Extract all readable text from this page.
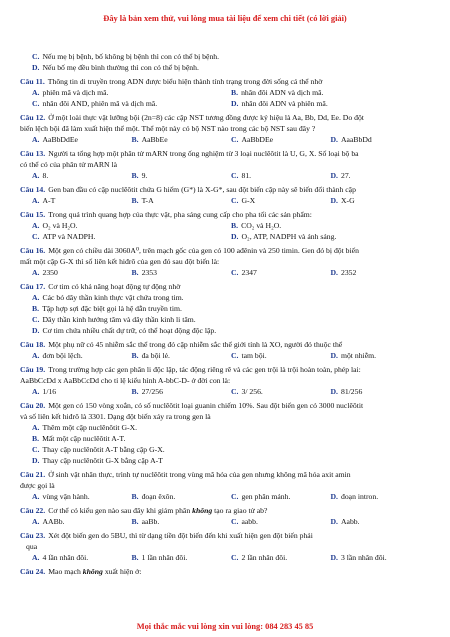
Đây là bản xem thử, vui lòng mua tài liệu để xem chi tiết (có lời giải)

C. Nếu mẹ bị bệnh, bố không bị bệnh thì con có thể bị bệnh.

D. Nếu bố mẹ đều bình thường thì con có thể bị bệnh.

Câu 11. Thông tin di truyền trong ADN được biểu hiện thành tính trạng trong đời sống cá thể nhờ

A. phiên mã và dịch mã.	B. nhân đôi ADN và dịch mã.
C. nhân đôi AND, phiên mã và dịch mã.	D. nhân đôi ADN và phiên mã.

Câu 12. Ở một loài thực vật lưỡng bội (2n=8) các cặp NST tương đồng được ký hiệu là Aa, Bb, Dd, Ee. Do đột

biến lệch bội đã làm xuất hiện thể một. Thể một này có bộ NST nào trong các bộ NST sau đây ?

A. AaBbDdEe	B. AaBbEe	C. AaBbDEe	D. AaaBbDd

Câu 13. Người ta tổng hợp một phân tử mARN trong ống nghiệm từ 3 loại nuclêôtit là U, G, X. Số loại bộ ba

có thể có của phân tử mARN là

A. 8.	B. 9.	C. 81.	D. 27.

Câu 14. Gen ban đầu có cặp nuclêôtit chứa G hiếm (G*) là X-G*, sau đột biến cặp này sẽ biến đổi thành cặp

A. A-T	B. T-A	C. G-X	D. X-G

Câu 15. Trong quá trình quang hợp của thực vật, pha sáng cung cấp cho pha tối các sản phẩm:

A. O₂ và H₂O.	B. CO₂ và H₂O.
C. ATP và NADPH.	D. O₂, ATP, NADPH và ánh sáng.

Câu 16. Một gen có chiều dài 3060A⁰, trên mạch gốc của gen có 100 ađênin và 250 timin. Gen đó bị đột biến

mất một cặp G-X thì số liên kết hiđrô của gen đó sau đột biến là:

A. 2350	B. 2353	C. 2347	D. 2352

Câu 17. Cơ tim có khả năng hoạt động tự động nhờ

A. Các bó dây thần kinh thực vật chứa trong tim.

B. Tập hợp sợi đặc biệt gọi là hệ dẫn truyền tim.

C. Dây thần kinh hướng tâm và dây thần kinh li tâm.

D. Cơ tim chứa nhiều chất dự trữ, có thể hoạt động độc lập.

Câu 18. Một phụ nữ có 45 nhiễm sắc thể trong đó cặp nhiễm sắc thể giới tính là XO, người đó thuộc thể

A. đơn bội lệch.	B. đa bội lẻ.	C. tam bội.	D. một nhiễm.

Câu 19. Trong trường hợp các gen phân li độc lập, tác động riêng rẽ và các gen trội là trội hoàn toàn, phép lai:

AaBbCcDd x AaBbCcDd cho tỉ lệ kiểu hình A-bbC-D- ở đời con là:

A. 1/16	B. 27/256	C. 3/ 256.	D. 81/256

Câu 20. Một gen có 150 vòng xoắn, có số nuclêôtit loại guanin chiếm 10%. Sau đột biến gen có 3000 nuclêôtit

và số liên kết hiđrô là 3301. Dạng đột biến xảy ra trong gen là

A. Thêm một cặp nuclênôtit G-X.

B. Mất một cặp nuclêôtit A-T.

C. Thay cặp nuclênôtit A-T bằng cặp G-X.

D. Thay cặp nuclênôtit G-X bằng cặp A-T

Câu 21. Ở sinh vật nhân thực, trình tự nuclêôtit trong vùng mã hóa của gen nhưng không mã hóa axit amin

được gọi là

A. vùng vận hành.	B. đoạn êxôn.	C. gen phân mảnh.	D. đoạn intron.

Câu 22. Cơ thể có kiểu gen nào sau đây khi giảm phân không tạo ra giao tử ab?

A. AABb.	B. aaBb.	C. aabb.	D. Aabb.

Câu 23. Xét đột biến gen do 5BU, thì từ dạng tiền đột biến đến khi xuất hiện gen đột biến phải

qua

A. 4 lần nhân đôi.	B. 1 lần nhân đôi.	C. 2 lần nhân đôi.	D. 3 lần nhân đôi.

Câu 24. Mao mạch không xuất hiện ở:

Mọi thắc mắc vui lòng xin vui lòng: 084 283 45 85
